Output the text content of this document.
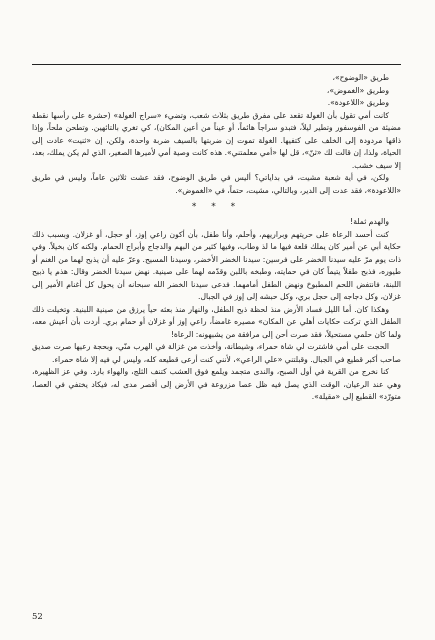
طريق «الوضوح»،

وطريق «الغموض»،

وطريق «اللاعودة».

كانت أمي تقول بأن الغولة تقعد على مفرق طريق بثلاث شعب، وتضيء «سراج الغولة» (حشرة على رأسها نقطة مضيئة من الفوسفور وتطير ليلاً، فتبدو سراجاً هائماً، أو عيناً من أعين المكان)، كي تغري بالتائهين. وتطحن ملحاً، وإذا ذاقها مردودة إلى الخلف على كتفيها. الغولة تموت إن ضربتها بالسيف ضربة واحدة، ولكن، إن «ثنيت» عادت إلى الحياة، ولذا، إن قالت لك «ثنّ»، قل لها «أمي معلمتني». هذه كانت وصية أمي لأميرها الصغير، الذي لم يكن يملك، بعد، إلا سيف خشب.

ولكن، في أية شعبة مشيت، في بداياتي؟ أليس في طريق الوضوح، فقد عشت ثلاثين عاماً، وليس في طريق «اللاعودة»، فقد عدت إلى الدير، وبالتالي، مشيت، حتماً، في «الغموض».

* * *

والهدم ثملة!

كنت أحسد الرعاة على حريتهم وبراريهم، وأحلم، وأنا طفل، بأن أكون راعي إوز، أو حجل، أو غزلان. وبسبب ذلك حكاية أبي عن أمير كان يملك قلعة فيها ما لذ وطاب، وفيها كثير من البهم والدجاج وأبراج الحمام. ولكنه كان بخيلاً. وفي ذات يوم مرّ عليه سيدنا الخضر على فرسين: سيدنا الخضر الأخضر، وسيدنا المسيح. وعرّ عليه أن يذبح لهما من الغنم أو طيوره، فذبح طفلاً يتيماً كان في حمايته، وطبخه باللبن وقدّمه لهما على صينية. نهض سيدنا الخضر وقال: هذم يا ذبيح اللبنة، فانتفض اللحم المطبوخ ونهض الطفل أمامهما. فدعى سيدنا الخضر الله سبحانه أن يحول كل أغنام الأمير إلى غزلان، وكل دجاجه إلى حجل بري، وكل حبشه إلى إوز في الجبال.

وهكذا كان. أما الليل فساد الأرض منذ لحظة ذبح الطفل، والنهار منذ بعثه حياً يرزق من صينية اللبنية. وتخيلت ذلك الطفل الذي تركت حكايات أهلي عن المكان» مصيره غامضاً، راعي إوز أو غزلان أو حمام بري. أردت بأن أعيش معه، ولما كان حلمي مستحيلاً، فقد صرت أحن إلى مرافقة من يشبهونه: الرعاة!

الحجت على أمي فاشترت لي شاة حمراء، وشيطانة، وأخذت من غزالة في الهرب منّي، وبحجة رعيها صرت صديق صاحب أكبر قطيع في الجبال. وقبلتني «علي الراعي»، لأنني كنت أرعى قطيعه كله، وليس لي فيه إلا شاة حمراء.

كنا نخرج من القرية في أول الصبح، والندى متجمد ويلمع فوق العشب كتنف الثلج، والهواء بارد. وفي عز الظهيرة، وهي عند الرعيان، الوقت الذي يصل فيه ظل عصا مزروعة في الأرض إلى أقصر مدى له، فيكاد يختفي في العصا، متورّد» القطيع إلى «مقيلة».

52
